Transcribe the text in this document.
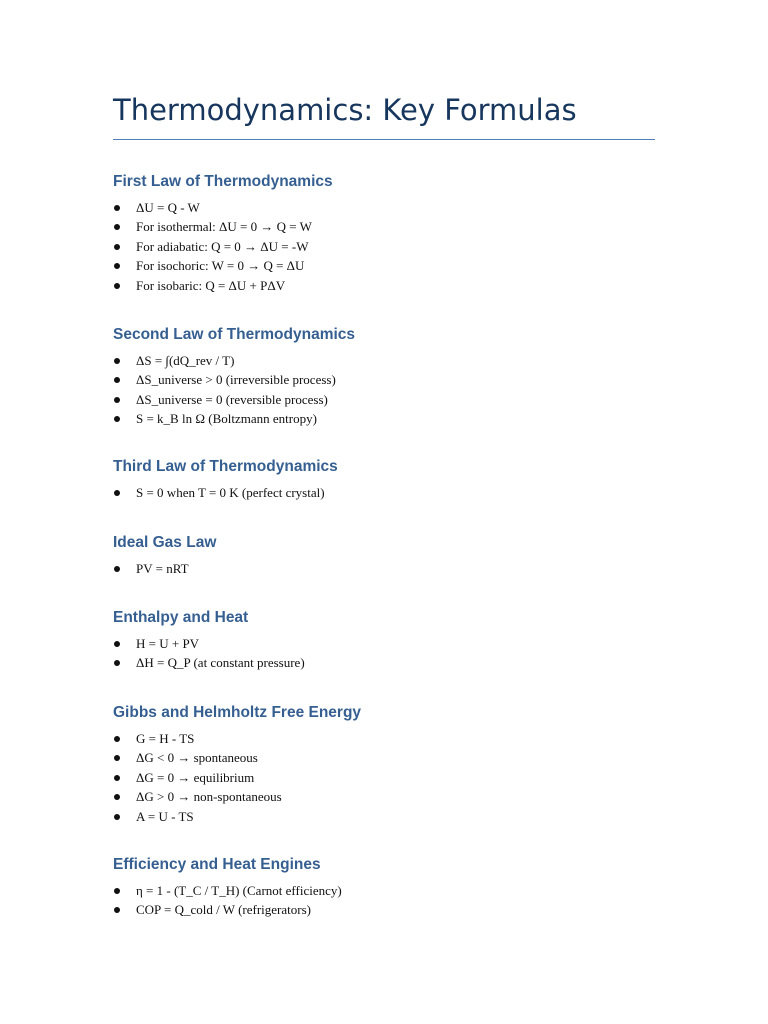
Thermodynamics: Key Formulas
First Law of Thermodynamics
ΔU = Q - W
For isothermal: ΔU = 0 → Q = W
For adiabatic: Q = 0 → ΔU = -W
For isochoric: W = 0 → Q = ΔU
For isobaric: Q = ΔU + PΔV
Second Law of Thermodynamics
ΔS = ∫(dQ_rev / T)
ΔS_universe > 0 (irreversible process)
ΔS_universe = 0 (reversible process)
S = k_B ln Ω (Boltzmann entropy)
Third Law of Thermodynamics
S = 0 when T = 0 K (perfect crystal)
Ideal Gas Law
PV = nRT
Enthalpy and Heat
H = U + PV
ΔH = Q_P (at constant pressure)
Gibbs and Helmholtz Free Energy
G = H - TS
ΔG < 0 → spontaneous
ΔG = 0 → equilibrium
ΔG > 0 → non-spontaneous
A = U - TS
Efficiency and Heat Engines
η = 1 - (T_C / T_H) (Carnot efficiency)
COP = Q_cold / W (refrigerators)
